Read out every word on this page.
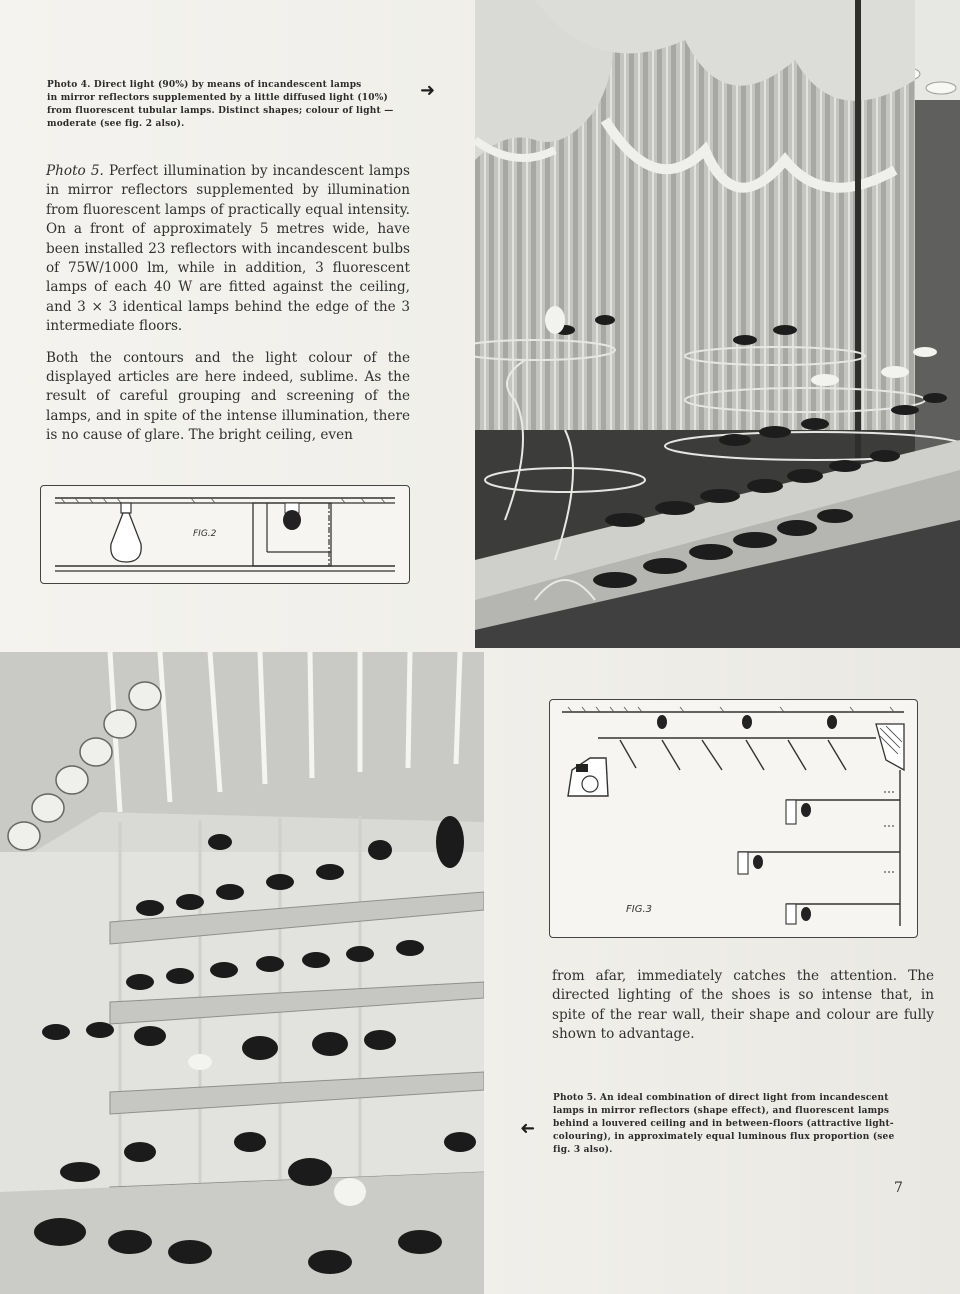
Photo 4. Direct light (90%) by means of incandescent lamps
in mirror reflectors supplemented by a little diffused light (10%)
from fluorescent tubular lamps. Distinct shapes; colour of light —
moderate (see fig. 2 also).
➜

Photo 5. Perfect illumination by incandescent lamps in mirror reflectors supplemented by illumination from fluorescent lamps of practically equal intensity. On a front of approximately 5 metres wide, have been installed 23 reflectors with incandescent bulbs of 75W/1000 lm, while in addition, 3 fluorescent lamps of each 40 W are fitted against the ceiling, and 3 × 3 identical lamps behind the edge of the 3 intermediate floors.

Both the contours and the light colour of the displayed articles are here indeed, sublime. As the result of careful grouping and screening of the lamps, and in spite of the intense illumination, there is no cause of glare. The bright ceiling, even

FIG.2
FIG.3

from afar, immediately catches the attention. The directed lighting of the shoes is so intense that, in spite of the rear wall, their shape and colour are fully shown to advantage.

➜
Photo 5. An ideal combination of direct light from incandescent
lamps in mirror reflectors (shape effect), and fluorescent lamps
behind a louvered ceiling and in between-floors (attractive light-
colouring), in approximately equal luminous flux proportion (see
fig. 3 also).
7
